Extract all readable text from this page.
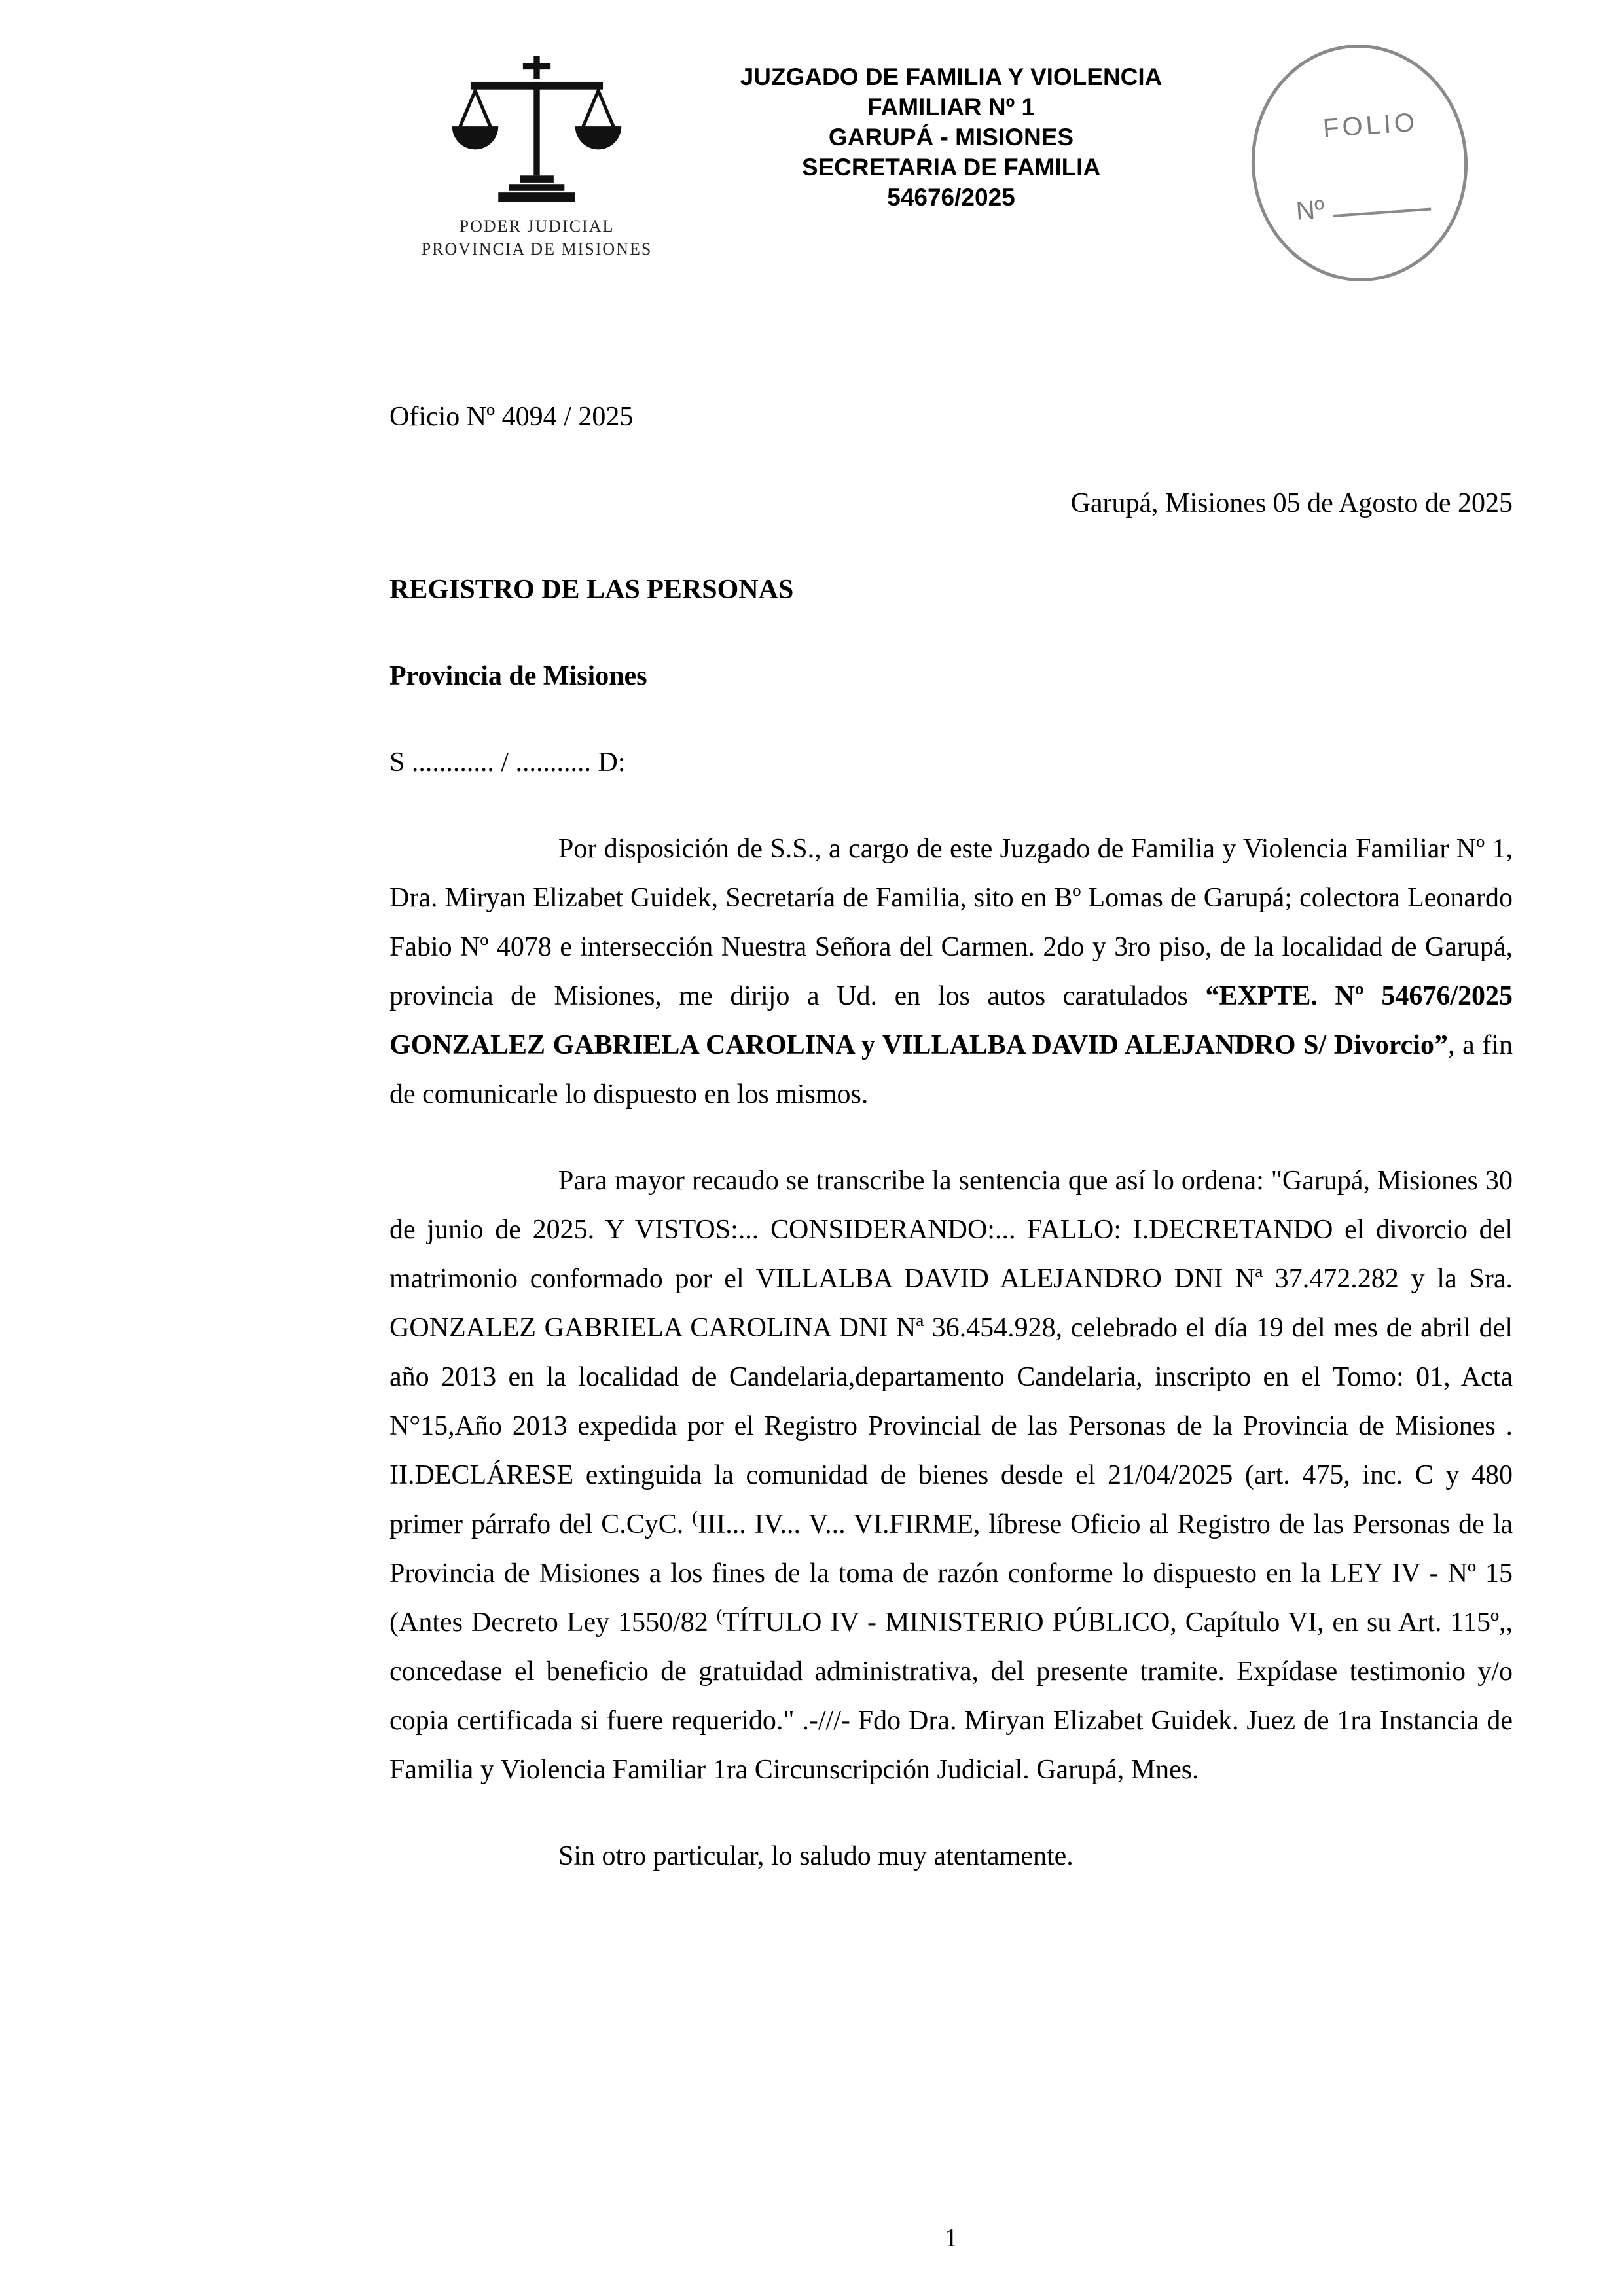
PODER JUDICIAL
PROVINCIA DE MISIONES
JUZGADO DE FAMILIA Y VIOLENCIA
FAMILIAR Nº 1
GARUPÁ - MISIONES
SECRETARIA DE FAMILIA
54676/2025
FOLIO
Nº

Oficio Nº 4094 / 2025

Garupá, Misiones 05 de Agosto de 2025

REGISTRO DE LAS PERSONAS

Provincia de Misiones

S ............ / ........... D:

Por disposición de S.S., a cargo de este Juzgado de Familia y Violencia Familiar Nº 1, Dra. Miryan Elizabet Guidek, Secretaría de Familia, sito en Bº Lomas de Garupá; colectora Leonardo Fabio Nº 4078 e intersección Nuestra Señora del Carmen. 2do y 3ro piso, de la localidad de Garupá, provincia de Misiones, me dirijo a Ud. en los autos caratulados “EXPTE. Nº 54676/2025 GONZALEZ GABRIELA CAROLINA y VILLALBA DAVID ALEJANDRO S/ Divorcio”, a fin de comunicarle lo dispuesto en los mismos.

Para mayor recaudo se transcribe la sentencia que así lo ordena: "Garupá, Misiones 30 de junio de 2025. Y VISTOS:... CONSIDERANDO:... FALLO: I.DECRETANDO el divorcio del matrimonio conformado por el VILLALBA DAVID ALEJANDRO DNI Nª 37.472.282 y la Sra. GONZALEZ GABRIELA CAROLINA DNI Nª 36.454.928, celebrado el día 19 del mes de abril del año 2013 en la localidad de Candelaria,departamento Candelaria, inscripto en el Tomo: 01, Acta N°15,Año 2013 expedida por el Registro Provincial de las Personas de la Provincia de Misiones . II.DECLÁRESE extinguida la comunidad de bienes desde el 21/04/2025 (art. 475, inc. C y 480 primer párrafo del C.CyC. (III... IV... V... VI.FIRME, líbrese Oficio al Registro de las Personas de la Provincia de Misiones a los fines de la toma de razón conforme lo dispuesto en la LEY IV - Nº 15 (Antes Decreto Ley 1550/82 (TÍTULO IV - MINISTERIO PÚBLICO, Capítulo VI, en su Art. 115º,, concedase el beneficio de gratuidad administrativa, del presente tramite. Expídase testimonio y/o copia certificada si fuere requerido." .-///- Fdo Dra. Miryan Elizabet Guidek. Juez de 1ra Instancia de Familia y Violencia Familiar 1ra Circunscripción Judicial. Garupá, Mnes.

Sin otro particular, lo saludo muy atentamente.

1
